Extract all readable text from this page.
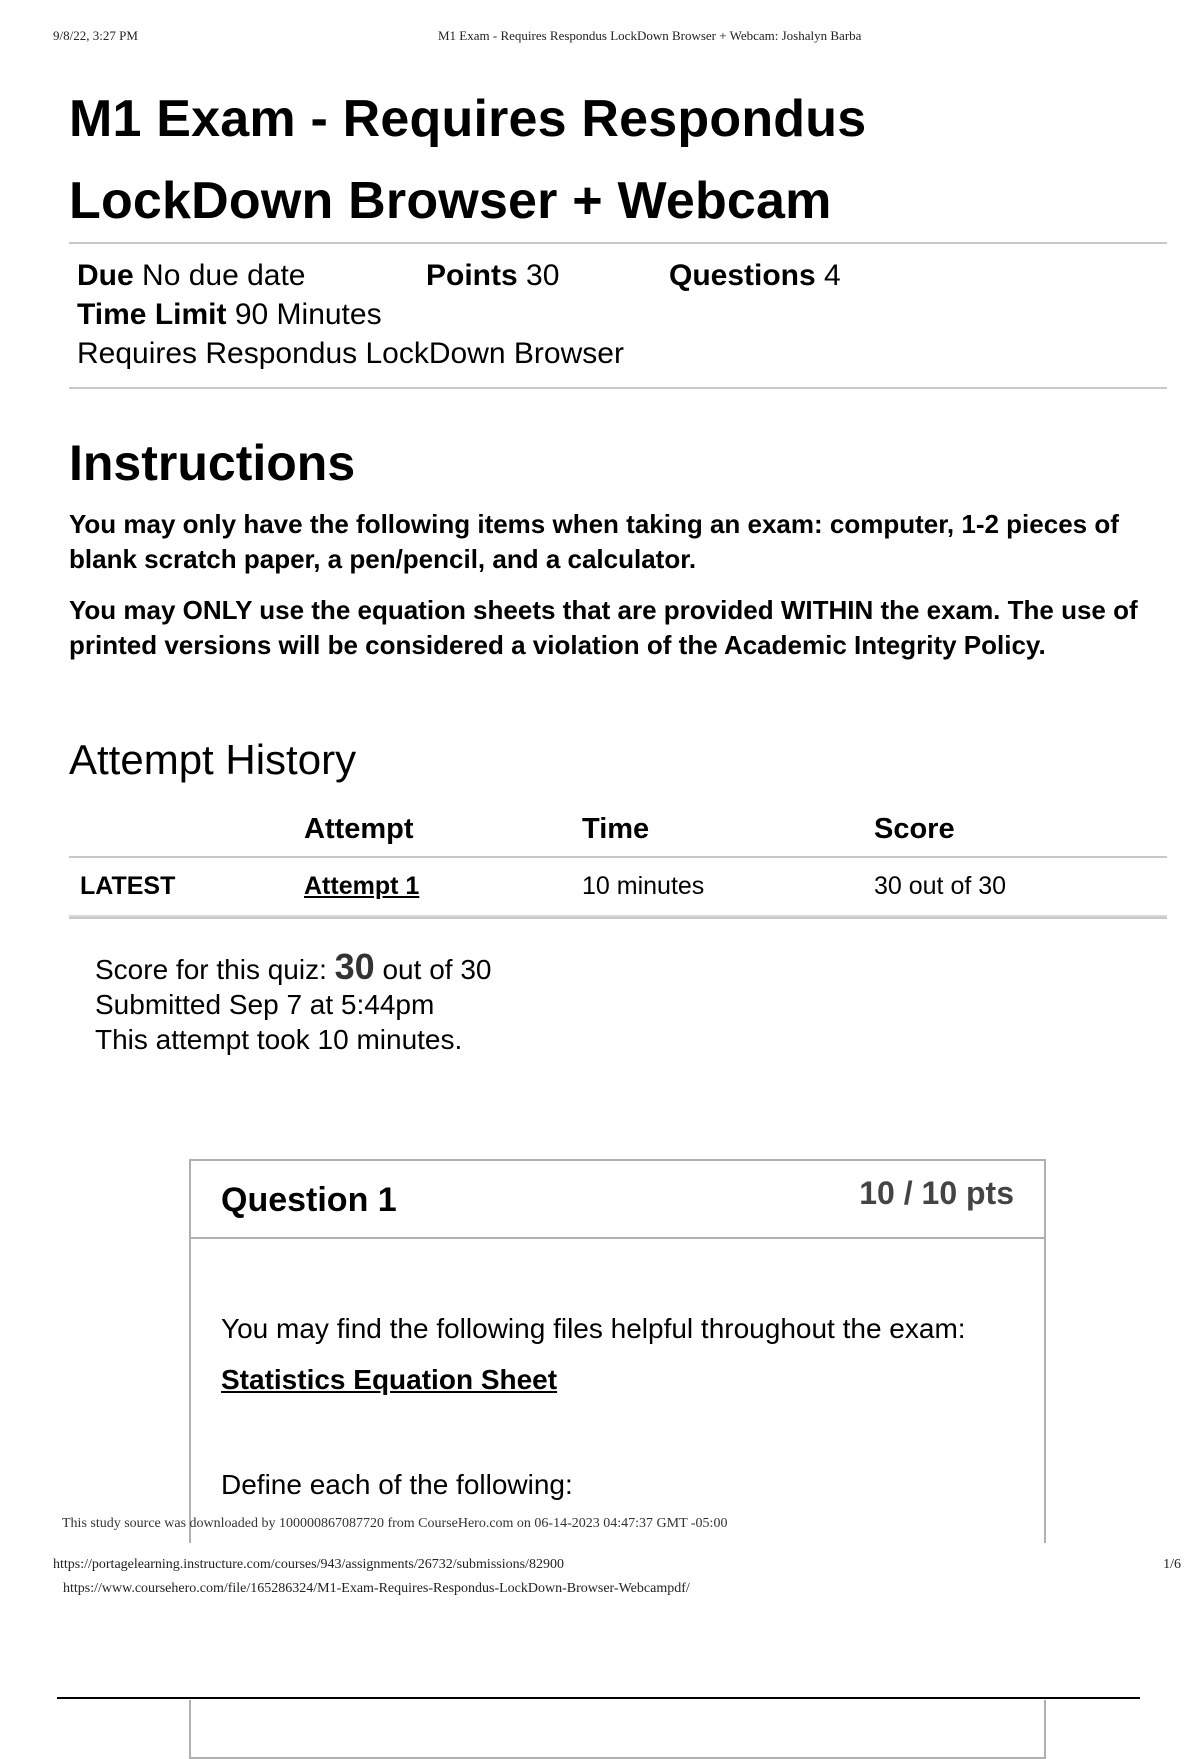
9/8/22, 3:27 PM	M1 Exam - Requires Respondus LockDown Browser + Webcam: Joshalyn Barba
M1 Exam - Requires Respondus LockDown Browser + Webcam
Due No due date	Points 30	Questions 4
Time Limit 90 Minutes
Requires Respondus LockDown Browser
Instructions

You may only have the following items when taking an exam: computer, 1-2 pieces of blank scratch paper, a pen/pencil, and a calculator.

You may ONLY use the equation sheets that are provided WITHIN the exam. The use of printed versions will be considered a violation of the Academic Integrity Policy.

Attempt History
	Attempt	Time	Score
LATEST	Attempt 1	10 minutes	30 out of 30
Score for this quiz: 30 out of 30
Submitted Sep 7 at 5:44pm
This attempt took 10 minutes.
Question 1	10 / 10 pts

You may find the following files helpful throughout the exam:

Statistics Equation Sheet

Define each of the following:

This study source was downloaded by 100000867087720 from CourseHero.com on 06-14-2023 04:47:37 GMT -05:00
https://portagelearning.instructure.com/courses/943/assignments/26732/submissions/82900	1/6
https://www.coursehero.com/file/165286324/M1-Exam-Requires-Respondus-LockDown-Browser-Webcampdf/
